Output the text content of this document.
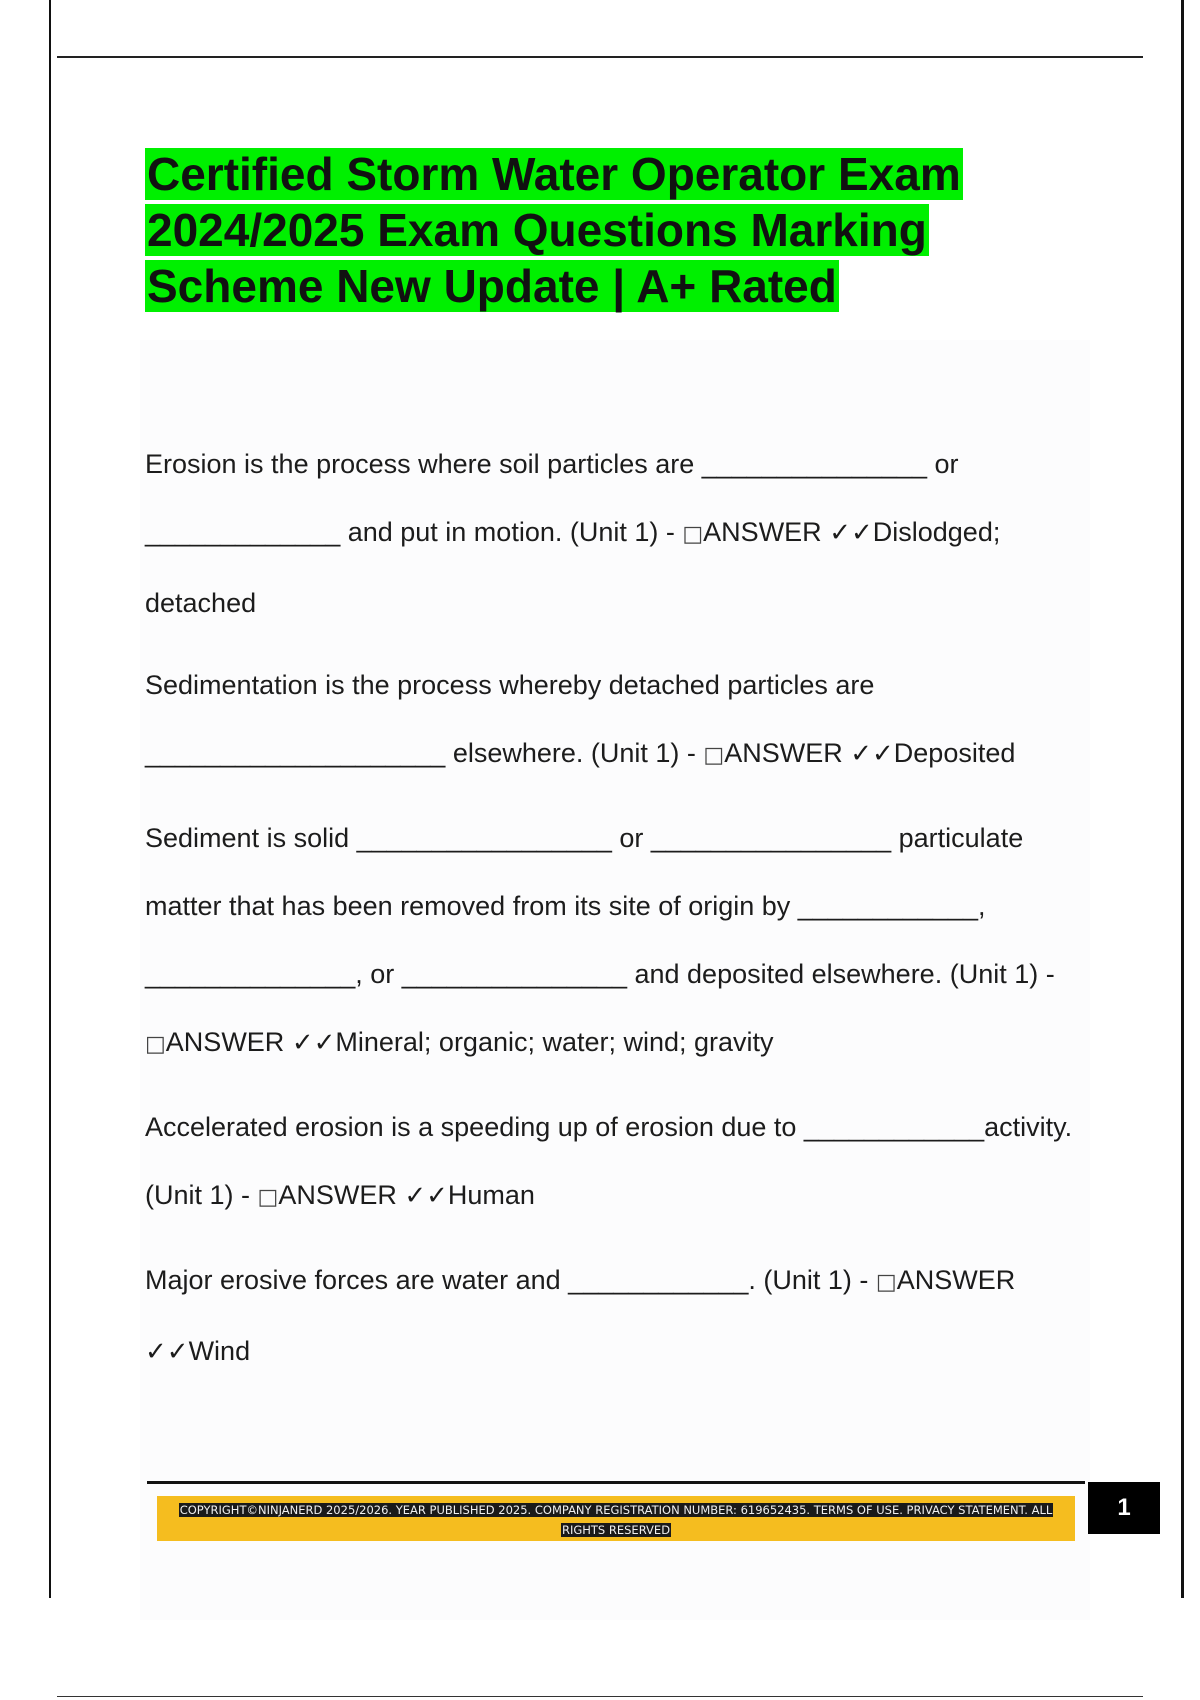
Certified Storm Water Operator Exam 2024/2025 Exam Questions Marking Scheme New Update | A+ Rated

Erosion is the process where soil particles are _______________ or _____________ and put in motion. (Unit 1) - □ANSWER ✓✓Dislodged; detached

Sedimentation is the process whereby detached particles are ____________________ elsewhere. (Unit 1) - □ANSWER ✓✓Deposited

Sediment is solid _________________ or ________________ particulate matter that has been removed from its site of origin by ____________, ______________, or _______________ and deposited elsewhere. (Unit 1) - □ANSWER ✓✓Mineral; organic; water; wind; gravity

Accelerated erosion is a speeding up of erosion due to ____________activity. (Unit 1) - □ANSWER ✓✓Human

Major erosive forces are water and ____________. (Unit 1) - □ANSWER
✓✓Wind

COPYRIGHT©NINJANERD 2025/2026. YEAR PUBLISHED 2025. COMPANY REGISTRATION NUMBER: 619652435. TERMS OF USE. PRIVACY STATEMENT. ALL RIGHTS RESERVED
1
